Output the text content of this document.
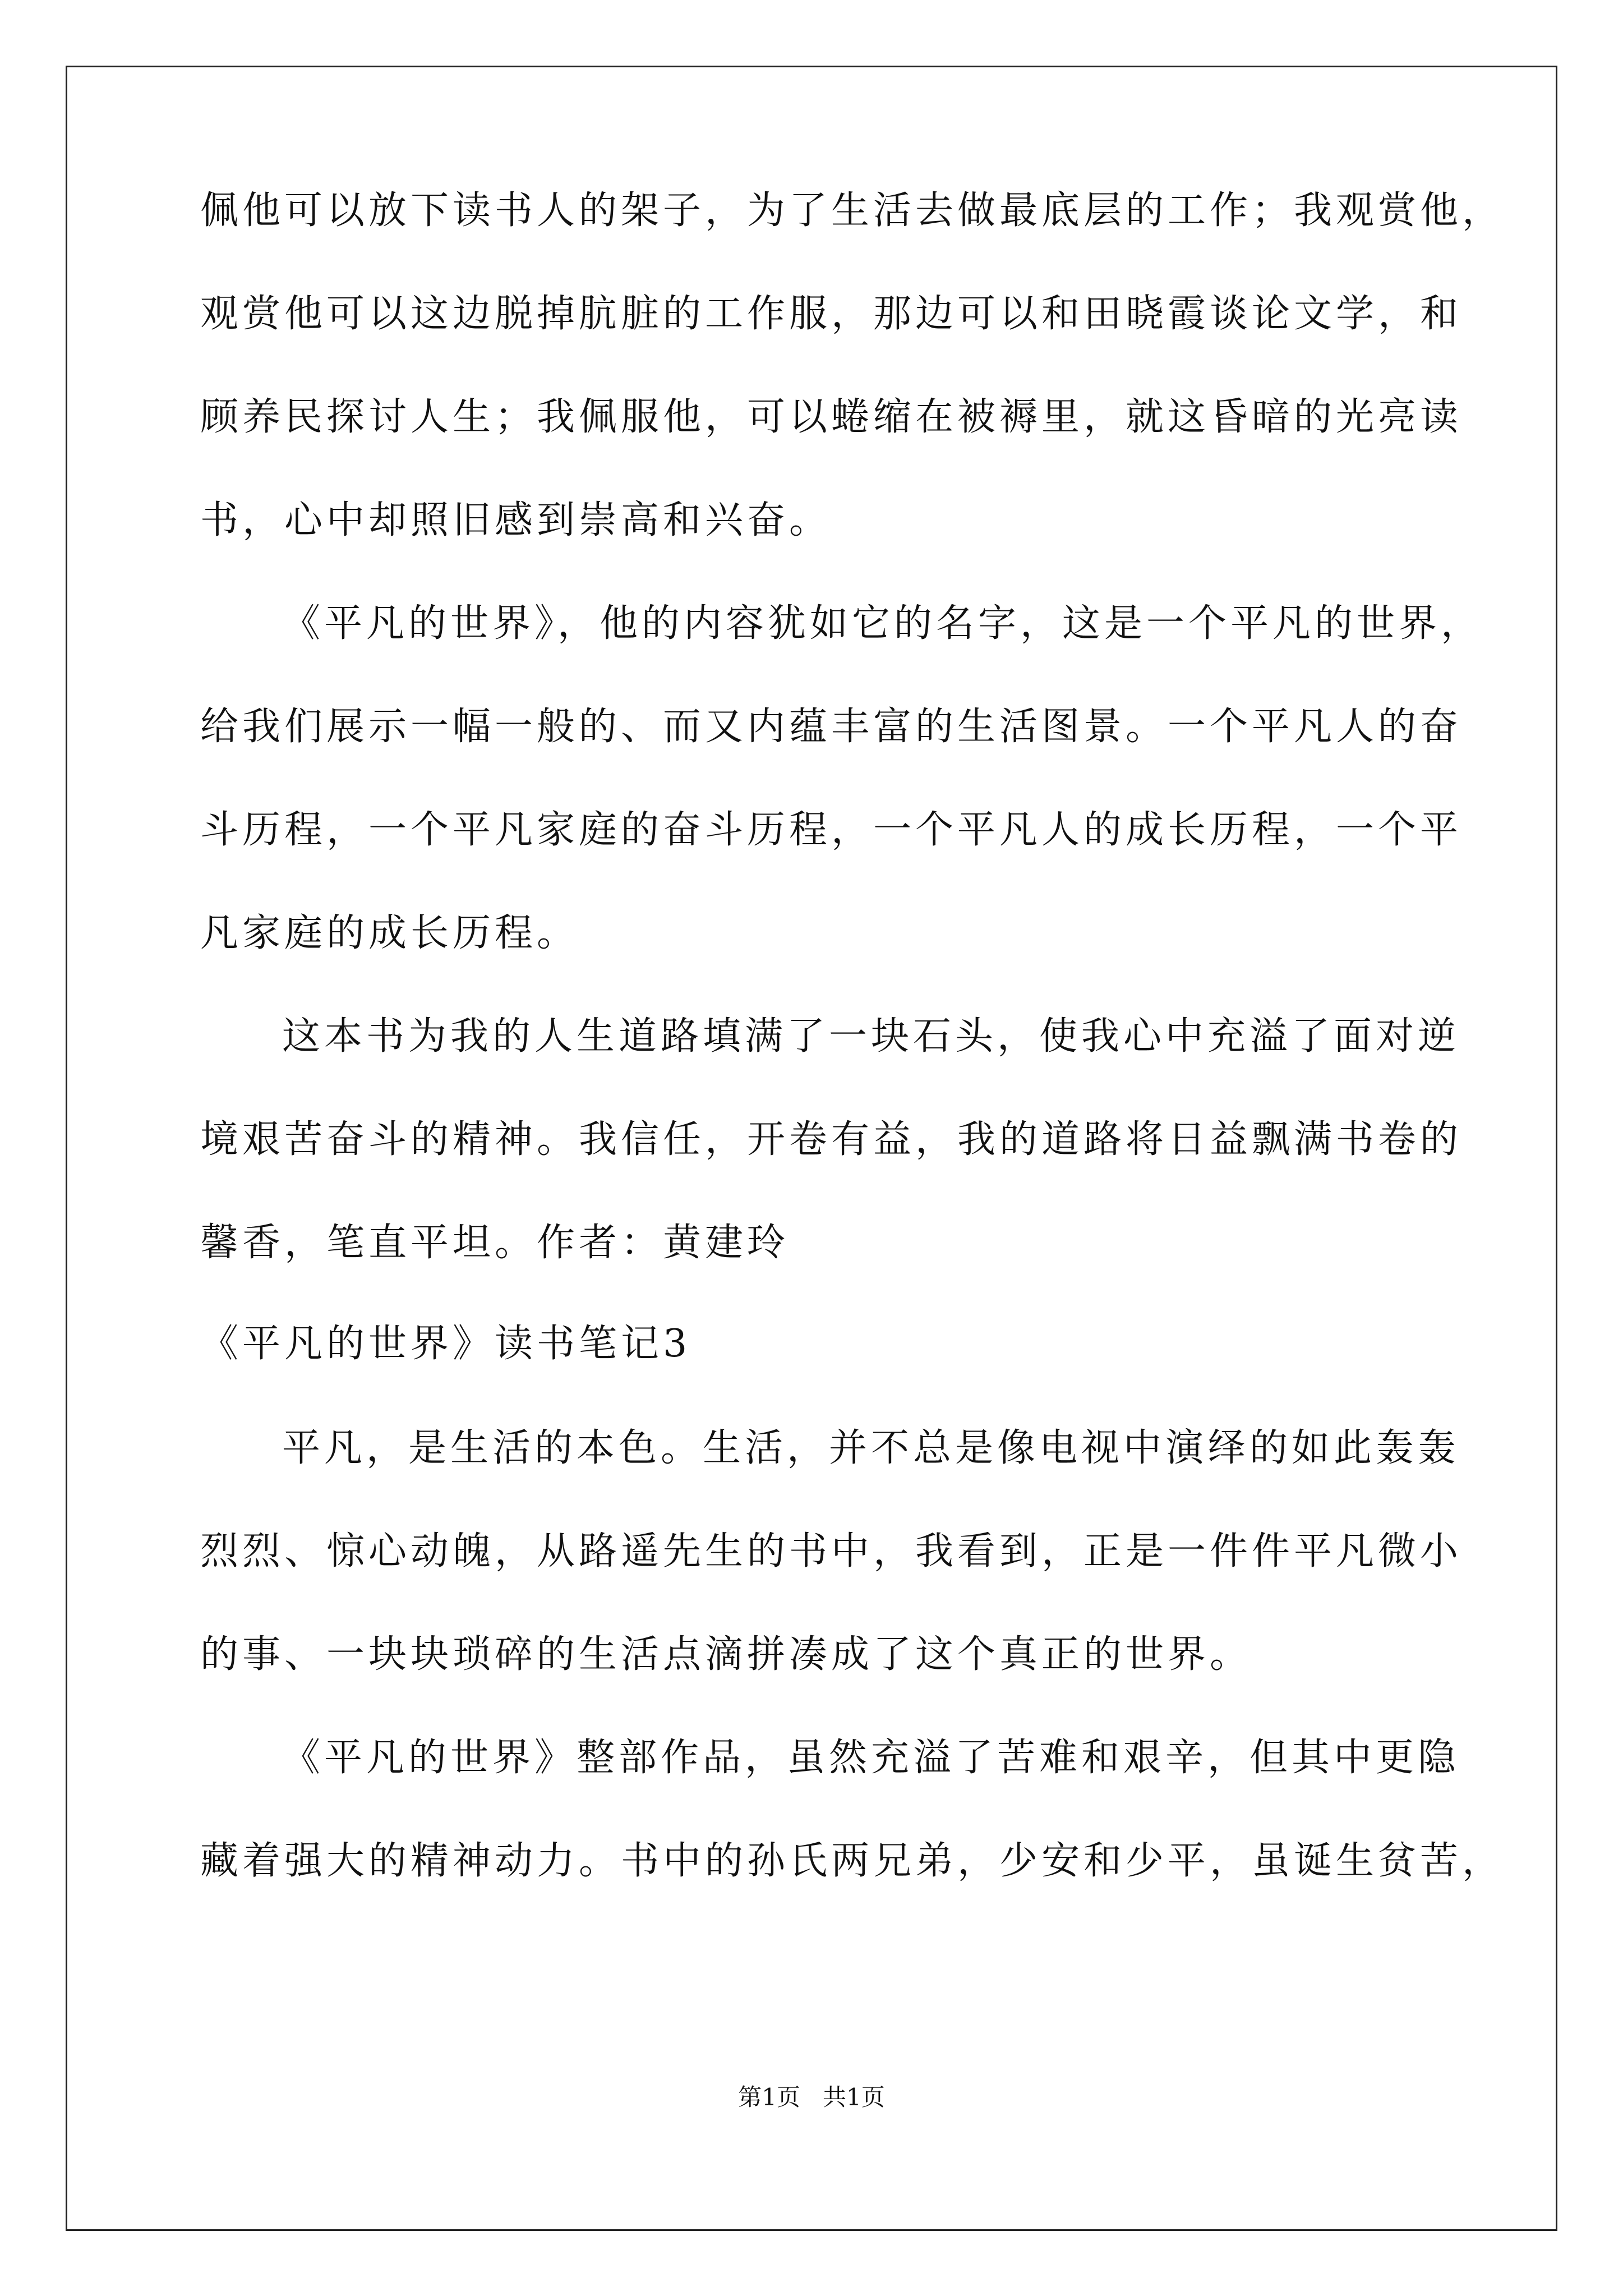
佩他可以放下读书人的架子，为了生活去做最底层的工作；我观赏他，
观赏他可以这边脱掉肮脏的工作服，那边可以和田晓霞谈论文学，和
顾养民探讨人生；我佩服他，可以蜷缩在被褥里，就这昏暗的光亮读
书，心中却照旧感到崇高和兴奋。
《平凡的世界》，他的内容犹如它的名字，这是一个平凡的世界，
给我们展示一幅一般的、而又内蕴丰富的生活图景。一个平凡人的奋
斗历程，一个平凡家庭的奋斗历程，一个平凡人的成长历程，一个平
凡家庭的成长历程。
这本书为我的人生道路填满了一块石头，使我心中充溢了面对逆
境艰苦奋斗的精神。我信任，开卷有益，我的道路将日益飘满书卷的
馨香，笔直平坦。作者：黄建玲
《平凡的世界》读书笔记3
平凡，是生活的本色。生活，并不总是像电视中演绎的如此轰轰
烈烈、惊心动魄，从路遥先生的书中，我看到，正是一件件平凡微小
的事、一块块琐碎的生活点滴拼凑成了这个真正的世界。
《平凡的世界》整部作品，虽然充溢了苦难和艰辛，但其中更隐
藏着强大的精神动力。书中的孙氏两兄弟，少安和少平，虽诞生贫苦，
第1页   共1页
